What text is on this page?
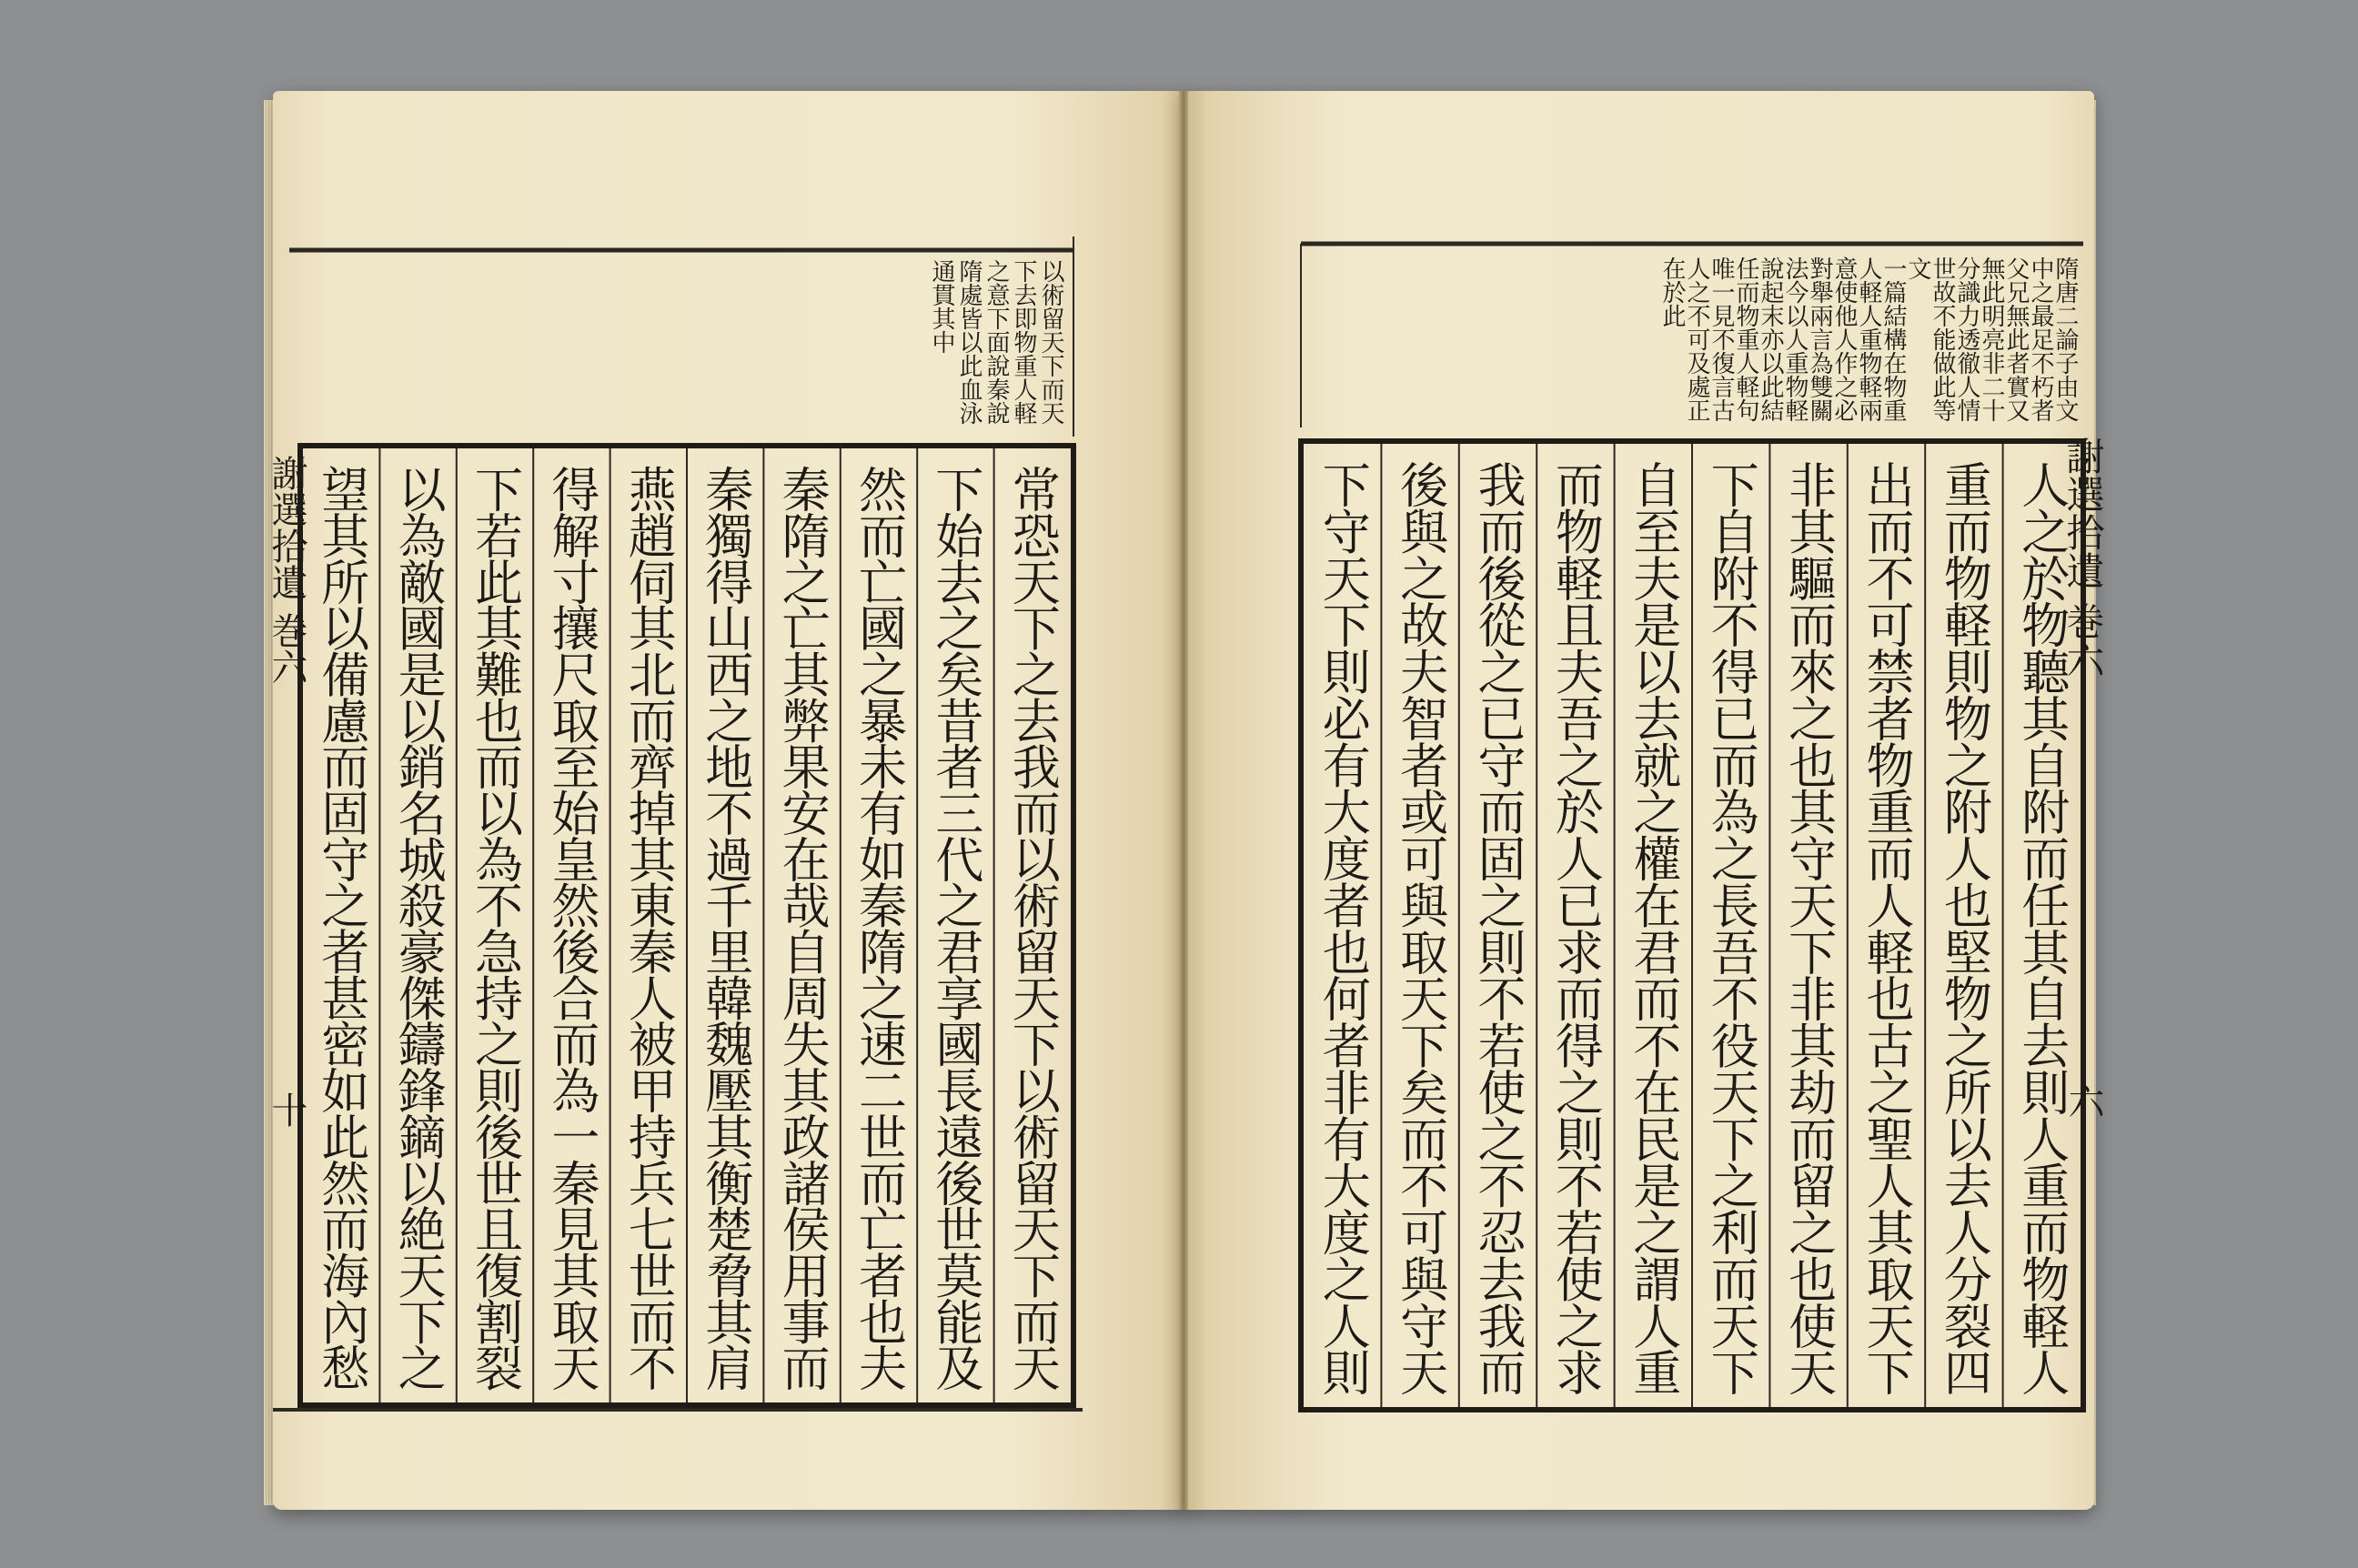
常恐天下之去我而以術留天下以術留天下而天
下始去之矣昔者三代之君享國長遠後世莫能及
然而亡國之暴未有如秦隋之速二世而亡者也夫
秦隋之亡其弊果安在哉自周失其政諸侯用事而
秦獨得山西之地不過千里韓魏壓其衡楚脅其肩
燕趙伺其北而齊掉其東秦人被甲持兵七世而不
得解寸攘尺取至始皇然後合而為一秦見其取天
下若此其難也而以為不急持之則後世且復割裂
以為敵國是以銷名城殺豪傑鑄鋒鏑以絶天下之
望其所以備慮而固守之者甚密如此然而海內愁
以術留天下而天
下去即物重人軽
之意下面說秦說
隋處皆以此血泳
通貫其中
謝選拾遺 巻六
十
人之於物聽其自附而任其自去則人重而物軽人
重而物軽則物之附人也堅物之所以去人分裂四
出而不可禁者物重而人軽也古之聖人其取天下
非其驅而來之也其守天下非其劫而留之也使天
下自附不得已而為之長吾不役天下之利而天下
自至夫是以去就之權在君而不在民是之謂人重
而物軽且夫吾之於人已求而得之則不若使之求
我而後從之已守而固之則不若使之不忍去我而
後與之故夫智者或可與取天下矣而不可與守天
下守天下則必有大度者也何者非有大度之人則
隋唐二論子由文
中之最足不朽者
父兄無此者實又
無此明亮非二十
分識力透徹人情
世故不能做此等
文
一篇結構在物重
人軽人重物軽兩
意使他人作之必
對舉兩言為雙關
法今以人重物軽
說起末亦以此結
任而物重人軽句
唯一見不復言古
人之不可及處正
在於此
謝選拾遺 巻六
六
